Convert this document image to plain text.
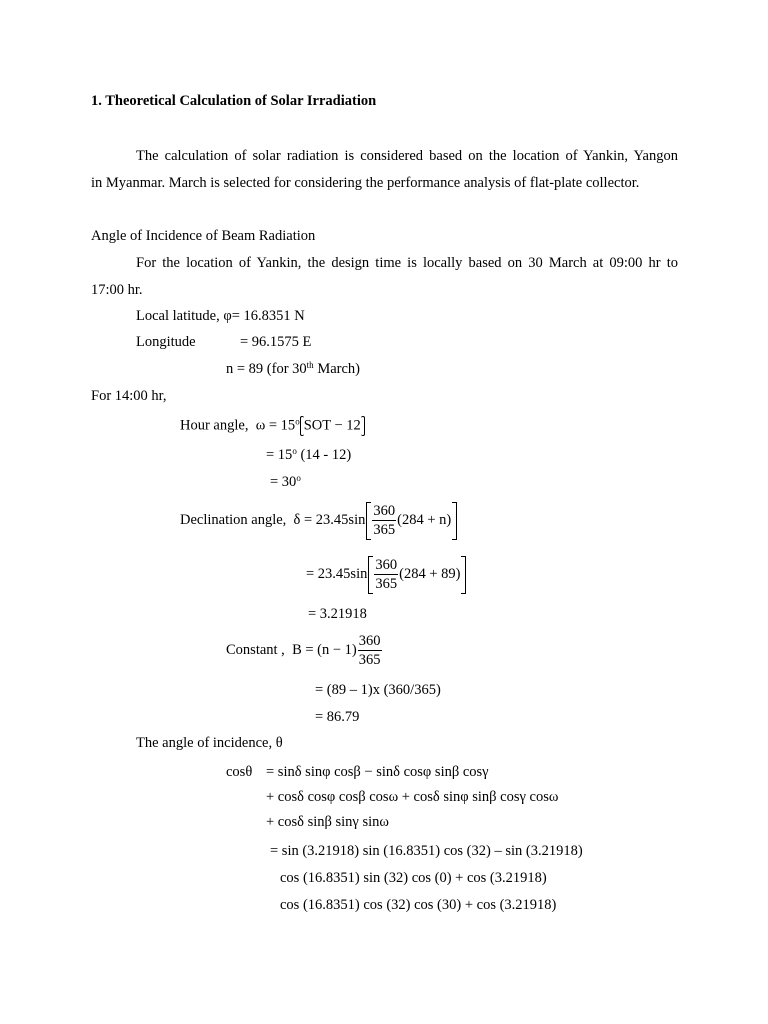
1. Theoretical Calculation of Solar Irradiation
The calculation of solar radiation is considered based on the location of Yankin, Yangon
in Myanmar. March is selected for considering the performance analysis of flat-plate collector.
Angle of Incidence of Beam Radiation
For the location of Yankin, the design time is locally based on 30 March at 09:00 hr to
17:00 hr.
Local latitude, φ= 16.8351 N
Longitude	= 96.1575 E
n = 89 (for 30th March)
For 14:00 hr,
Hour angle, $\omega = 15^o$ SOT − 12
= $15^o$ (14 - 12)
= $30^o$
Declination angle, $\delta = 23.45\sin \frac{360}{365} (284 + n)$
= $23.45\sin \frac{360}{365} (284 + 89)$
= 3.21918
Constant , $B = (n - 1) \frac{360}{365}$
= (89 – 1)x (360/365)
= 86.79
The angle of incidence, θ
cosθ = sinδ sinφ cosβ − sinδ cosφ sinβ cosγ
+ cosδ cosφ cosβ cosω + cosδ sinφ sinβ cosγ cosω
+ cosδ sinβ sinγ sinω
= sin (3.21918) sin (16.8351) cos (32) – sin (3.21918)
cos (16.8351) sin (32) cos (0) + cos (3.21918)
cos (16.8351) cos (32) cos (30) + cos (3.21918)
